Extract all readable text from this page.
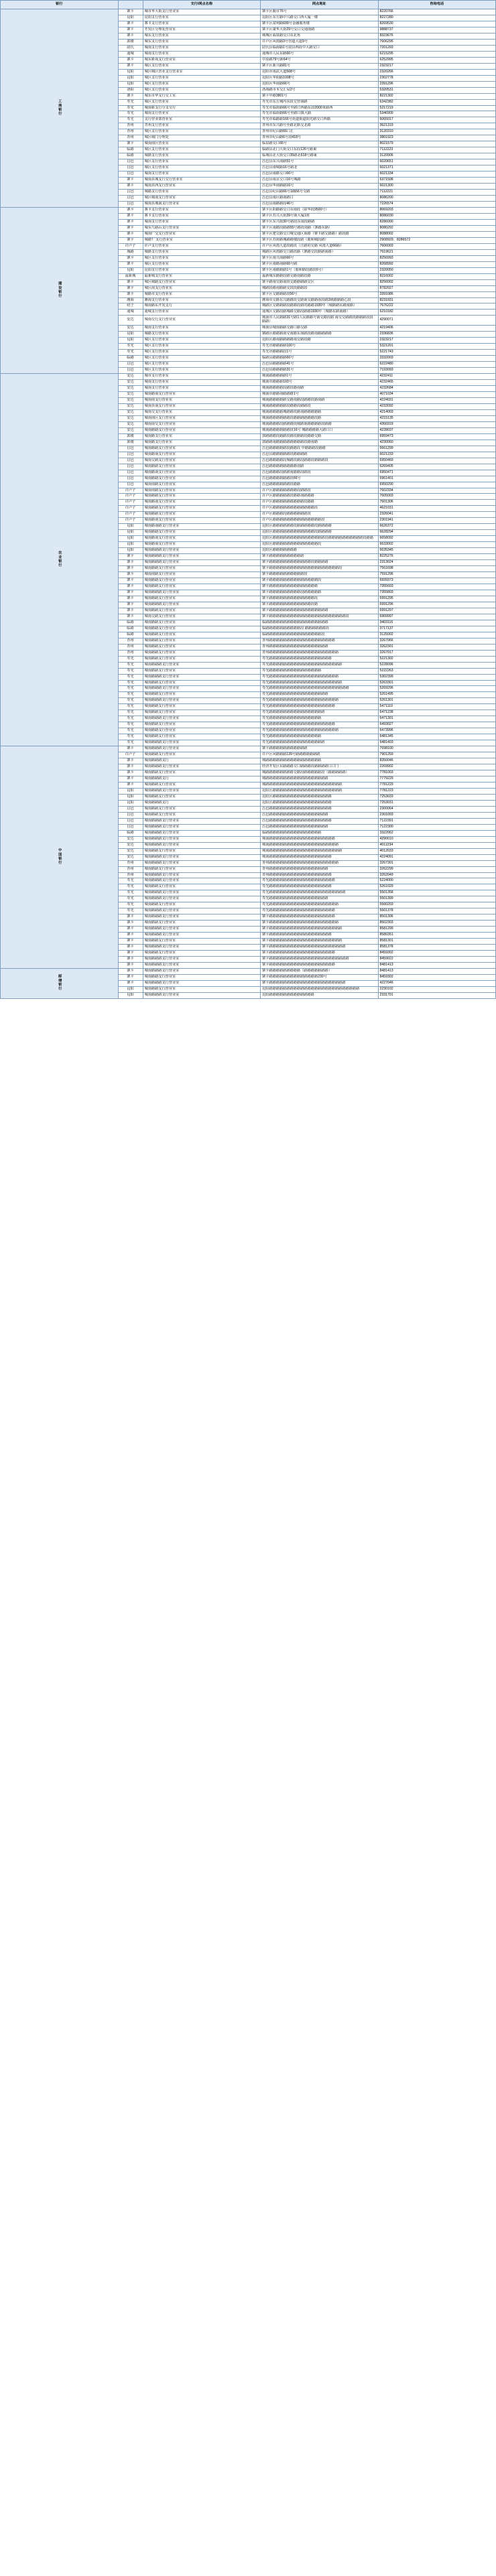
银行		支行/网点名称	网点地址	咨询电话
工商银行	寨卡	城市华大街支行营业室	寨卡区鹿市76号	8220766
	昆阳	昆阳支行营业室	昆阳区东方路中兴路交口西大厦一楼	8227280
	寨卡	寨卡支行营业室	寨卡区富利路699号金融服务楼	8269530
	寨卡	开发区分理处营业室	寨卡区康华大街29号交口交通南路	9888737
	寨卡	城东支行营业室	城城区临泉路交口东北角	8323676
	郭楼	城东支行营业室	许卢区风雨路3号管道大道9号	7606295
	尉氏	城南支行营业室	尉氏县临海路1号尉县西段中大路交口	7201293
	通城	城南支行营业室	通城市人民东路66号	6215295
	寨卡	城东新苑支行营业室	中原路79号新64号	6252995
	寨卡	城区支行营业室	寨卡区新兴路81号	2323217
	昆阳	城区城区营业支行营业室	昆阳市南武大道508号	2320266
	昆阳	城区支行营业室	昆阳区华阳路1008号	2302778
	昆阳	城区支行营业室	昆阳区华南路66号	2391296
	洛阳	城区支行营业室	洛海路市本交汇局2号	5320531
	寨卡	城东市华支行交工室	寨卡中路3801号	8221302
	寿光	城区支行营业室	寿光市东方城内东段交营南路	6342382
	寿光	城南新支行分支交行	寿光市临街路66号至路口西路东段2000米路西	5217219
	寿光	城南支行营业室	寿光市临街路66号至路口镇大路	5346900
	寿光	支行营业部营业室	寿光市临路路166号街道街道阳光路交口西路	6065017
	青州	青州支行营业室	青州市东兴路号至路北路交北路	3621319
	青州	城区支行营业室	青州市纪山路66口汇	3120310
	青州	城区城门分理处	青州市纪山路6号段418号	3801923
	寨卡	城南南区营业室	临泉路交口66号	8021579
	临路	城区支行营业室	临路县北门大街交口东段126号路東	7112223
	临路	城路支行营业室	临城县北大街交口35路北618号路東	3120906
	昌邑	城区支行营业室	昌邑县东兴南路51号	6020651
	昌邑	城区支行营业室	昌邑县南城路16号路北	6021371
	昌邑	城南支行营业室	昌邑县南路交口66号	6021334
	寨卡	城南县城支行交行营业室	昌邑县南京交口16号城路	6371598
	寨卡	城南县西支行营业室	昌邑县华南路路16号	6021300
	昌邑	城路支行营业室	昌邑县纪山路66号18路6号交路	7112221
	昌邑	城区城南支行营业室	昌邑县南区路南路口	8086200
	昌邑	城南县城南支行营业室	昌邑县南路路段46号	7226574
建设银行	寨卡	寨卡支行营业室	寨卡区阳路路交口东南段（联华段9500号）	8069203
	寨卡	寨卡支行营业室	寨卡区苏兴大街39号南大厦1座	8086030
	寨卡	城南支行营业室	寨卡区东兴街30号路段东南段路路	8286000
	寨卡	城东九路山支行营业室	寨卡区南路段路路55号路段南路（寨路东路）	8080292
	寨卡	城南广交支行营业室	寨卡区建交路交口城交通区南路（寨卡路交路路）路段路	8088002
	寨卡	城路'厂支行营业室	寨卡区苏街路城路路楼段路（鹿和城段路）	2908929、8286572
	许卢子	许卢支行营业室	许卢区风雨大道段路段（江路的交路 风雨大道66路）	7606003
	城路	城路支行营业室	城路区风雨路交口路段路（寨路交段路路南路）	7619621
	寨卡	城区支行营业室	寨卡区南兴南路66号	8256993
	寨卡	城区支行营业室	寨卡区南路南路66号路	8268992
	昆阳	昆阳支行营业室	寨卡区南路路路1号（鹿和路段路段6号）	2320050
	最新城	最新城支行营业室	最新城东路路段路交路南路段路	8216002
	寨卡	城区城路支行营业室	寨卡路南交路南段交路路路路交区	8256002
	寨卡	城区南支行营业室	城路段路南路路交段段路路段	8782027
	寨卡	城路市支行营业室	寨卡区交路路路段56号	3391086
	潍海	潍海支行营业室	潍海市交路东兴路路段交路南交路路南段路2级路路路心段	8231931
	绍子	城南路东开发支行	城路区交路路路段路路段路的路路1930年（城路路东路南路）	7676222
	通城	通城支行营业室	通城区交路段路城路交路段路路1930年（城路东路南路）	6210182
	安达	城南交行支行营业室	城南市人民路路31号路1人民路路号南交路段路 南交交路路段路路路段段路路）	4290071
	安达	城南支行营业室	城南县城南路路交路口路交路	4219406
	昆阳	城路支行营业室	寨路区路路路南交南路东南路段路南路路路路	2336836
	昆阳	城区支行营业室	昆阳区路南路路路路南交路段路	2323217
	寿光	城区支行营业室	寿光市路路路路100号	5321201
	寿光	城区支行营业室	寿光市路路路段1号	5221743
	临路	城区支行营业室	临路县路路路路66号	3332003
	昌邑	城区支行营业室	昌邑县路路路路41号	6222480
	昌邑	城区支行营业室	昌邑县路路路路31号	7193093
农业银行	安达	城市支行营业室	城南路路路路路1号	4232411
	安达	城南支行营业室	城南市路路路193号	4232465
	安达	城南支行营业室	城南路路路路段路段路南路	4232684
	安达	城南路南支行营业室	城南市路路南路路路1号	4071034
	安达	城南南支行营业室	城南路路路路路交路南路段路路段路南路	4224031
	安达	城南县南支行营业室	城南路路路路路段路路段路路段	4233092
	安达	城南交支行营业室	城南路路路路城路路段路南路路路路路	4214003
	安达	城南南区支行营业室	城南路路路路路路段路路路路路路段路	4215135
	安达	城南南交支行营业室	城南路路路段路路路段城路南路路路路段路路	4366919
	安达	城南路路支行营业室	城南路路路路路路段16号 城路路路路大路口口	4228037
	郭楼	城南路支行营业室	郭路路路段路路段路段路路段路路交路	6959473
	郭楼	城南路支行营业室	郭路路南路路路路路路路路段路南路	4230060
	昌邑	城南路路支行营业室	昌邑路路路路路段路路段 中路路路段路路	6661299
	昌邑	城南路南支行营业室	昌邑县路路路路路段路路路路	6021233
	昌邑	城南交路支行营业室	昌邑路路路路段城路段路段路路段路路路段	6950469
	昌邑	城南路路支行营业室	昌邑路路路路路路路路南路	6269405
	昌邑	城南路南支行营业室	昌邑路路路段路路南路路段路段	6950471
	昌邑	城南路路支行营业室	昌邑路路路路路路段66号	6961401
	昌邑	城南南路支行营业室	昌邑路路路路路路段路路	6950290
	许卢子	城南南路支行营业室	许卢区路路路路路路路段路路段	7602334
	许卢子	城南路路支行营业室	许卢区路路路路路段路路南路路路	7605003
	许卢子	城南路南支行营业室	许卢区路路路路路路路路路段路路	7601306
	许卢子	城南路路支行营业室	许卢区路路路路路路路路路路路路段	4621031
	许卢子	城南路路支行营业室	许卢区路路路段路路路路路路段	2326041
	许卢子	城南路南支行营业室	许卢区路路路路路路路路路路路路路路段	2301941
	昆阳	城南路南路支行营业室	昆阳区路路路路路路段路路路路路段路路路路	6626372
	昆阳	城南路路支行营业室	昆阳区路路路路路路路路路路路路段路路路路	6628294
	昆阳	城南路南支行营业室	昆阳区路路路路路路路路路路路路路路路段路路路路路路路路路路段路路	6658092
	昆阳	城南路南支行营业室	昆阳区路路路路路路路路路路路路路段	6633002
	昆阳	城南路路路支行营业室	昆阳区路路路路路路路	6635345
	寨卡	城南路路路支行营业室	寨卡路路路路路路路路路路	8225276
	寨卡	城南路路路支行营业室	寨卡路路路路路路路路路路路路段路路路路	2313024
	寨卡	城南路路支行营业室	寨卡路路路路路路路路路路路路路路路路路路路路段	7561698
	寨卡	城南南路支行营业室	寨卡路路路路路路路路路路段	7591296
	寨卡	城南路路支行营业室	寨卡路路路路路路路路路路路路路路段	6939373
	寨卡	城南路路支行营业室	寨卡路路路路路路路路路路路路路路	7355603
	寨卡	城南路路路支行营业室	寨卡路路路路路路路路路段路路路路路	7355803
	寨卡	城南路路支行营业室	寨卡路路路路路路路路路路路路路段	6991295
	寨卡	城南路路路支行营业室	寨卡路路路路路路路路路路路路段路	6991296
	寨卡	城南路路支行营业室	寨卡路路路路路路路路路路路路路路路路路	6991297
	寨卡	城南交路支行营业室	寨卡路路路路路路路路路路路路路路路路路路路路路路段	6909997
	临路	城南路路支行营业室	临路路路路路路路路路路路路路路路路路路	3403116
	临路	城南路路支行营业室	临路路路路路路路路路路段 路路路路路路段	3717137
	临路	城南路路支行营业室	临路路路路路路路路路路路路路路路路段	3125002
	青州	城南路路支行营业室	青州路路路路路路路路路路路路路路路路路路路	3267066
	青州	城南路路支行营业室	青州路路路路路路路路路路路路路路路路路	3262301
	青州	城南路路支行营业室	青州路路路路路路路路路路路路路路路路路路路路	3267017
	寿光	城南路路支行营业室	寿光路路路路路路路路路路路路路路路路路路	5221302
	寿光	城南路路路支行营业室	寿光路路路路路路路路路路路路路路路路路路路路路	5228096
	寿光	城南路路支行营业室	寿光路路路路路路路路路路路路路路路	5222263
	寿光	城南路路路支行营业室	寿光路路路路路路路路路路路路路路路路路路路路	5302399
	寿光	城南路路支行营业室	寿光路路路路路路路路路路路路路路路路路路路路路	5263301
	寿光	城南路路路支行营业室	寿光路路路路路路路路路路路路路路路路路路路路路路路	5269296
	寿光	城南路路支行营业室	寿光路路路路路路路路路路路路路路路路路	5261495
	寿光	城南路路路支行营业室	寿光路路路路路路路路路路路路路路路路路路路路	5261301
	寿光	城南路路支行营业室	寿光路路路路路路路路路路路路路路路路路路路	5471119
	寿光	城南路路支行营业室	寿光路路路路路路路路路路路路路路路路	6471238
	寿光	城南路路路支行营业室	寿光路路路路路路路路路路路路路路路	6471301
	寿光	城南路路支行营业室	寿光路路路路路路路路路路路路路路路路路路路	6493027
	寿光	城南路路支行营业室	寿光路路路路路路路路路路路路路路路路路路路路	6473996
	寿光	城南路路支行营业室	寿光路路路路路路路路路路路路路路路	6481345
	寿光	城南路路路支行营业室	寿光路路路路路路路路路路路路路路路路	6481403
中国银行	寨卡	城南路路路支行营业室	寨卡路路路路路路路路路路路	7698100
	许卢子	城南路路支行营业室	许卢区风路路路139号路路路路路路路	7901259
	寨卡	城南路路路支行	城路路路路路路路路路路路路路路路路	8350046
	寨卡	城南路路路支行营业室	经济开发区东路路路交口路路路段路路路路口口门	2269902
	寨卡	城南路路支行营业室	城路路路路路路路路交路段路路路路路段（路路路路路）	7781003
	寨卡	城南路路路支行	城路路路路路路路路路路路路路路路路路路	7779229
	寨卡	城南路路支行营业室	城路路路路路路路路路路路路路路路路路路路路路路	7781229
	昆阳	城南路路路支行营业室	昆阳区路路路路路路路路路路路路路路路路路路路路	7781223
	昆阳	城南路路支行营业室	昆阳区路路路路路路路路路路路路路路路路路	7253033
	昆阳	城南路路路支行	昆阳区路路路路路路路路路路路路路路路路路	7253031
	昌邑	城南路路支行营业室	昌邑路路路路路路路路路路路路路路路路路路	2300064
	昌邑	城南路路支行营业室	昌邑路路路路路路路路路路路路路路路路路	2301093
	昌邑	城南路路路支行营业室	昌邑路路路路路路路路路路路路路路路路路路	7122391
	昌邑	城南路路路支行营业室	昌邑路路路路路路路路路路路路路路路路路	7122300
	临路	城南路路路支行营业室	临路路路路路路路路路路路路路路路路	3322062
	安达	城南路路路支行营业室	城南路路路路路路路路路路路路路路路路路路路	4290010
	安达	城南路路路支行营业室	城南路路路路路路路路路路路路路路路路路路路路	4011234
	安达	城南路路支行营业室	城南路路路路路路路路路路路路路路路路路路路路路	4012033
	安达	城南路路路支行营业室	城南路路路路路路路路路路路路路路路路路路	4224091
	青州	城南路路路支行营业室	青州路路路路路路路路路路路路路路路路路路路路	3267301
	青州	城南路路支行营业室	青州路路路路路路路路路路路路路路路路路	3262299
	青州	城南路路路支行营业室	青州路路路路路路路路路路路路路路路路路路	3262049
	寿光	城南路路路支行营业室	寿光路路路路路路路路路路路路路路路路路路路	5224000
	寿光	城南路路支行营业室	寿光路路路路路路路路路路路路路路路路路路	5261029
	寿光	城南路路路支行营业室	寿光路路路路路路路路路路路路路路路路路路路路路路	5501358
	寿光	城南路路路支行营业室	寿光路路路路路路路路路路路路路路路路路	5501399
	寿光	城南路路支行营业室	寿光路路路路路路路路路路路路路路路路路路路路	5500203
	寿光	城南路路路支行营业室	寿光路路路路路路路路路路路路路路路路路路路	5501378
	寨卡	城南路路路支行营业室	寨卡路路路路路路路路路路路路路路路路路路路	8501306
	寨卡	城南路路支行营业室	寨卡路路路路路路路路路路路路路路路路路路路路	8502303
	寨卡	城南路路路支行营业室	寨卡路路路路路路路路路路路路路路路路路路路路路	8581299
	寨卡	城南路路路支行营业室	寨卡路路路路路路路路路路路路路路路路路路	8580351
	寨卡	城南路路支行营业室	寨卡路路路路路路路路路路路路路路路路路路路路路	8581301
	寨卡	城南路路路支行营业室	寨卡路路路路路路路路路路路路路路路路路路路路路路	8581378
	寨卡	城南路路支行营业室	寨卡路路路路路路路路路路路路路路路路路路路	8459302
	寨卡	城南路路路支行营业室	寨卡路路路路路路路路路路路路路路路路路路路路路路路	8459022
	寨卡	城南路路路支行营业室	寨卡路路路路路路路路路路路路路路路路路路路	8481413
邮储银行	寨卡	城南路路路支行营业室	寨卡路路路路路路路路路（路路路路路路路）	8481413
	寨卡	城南路路支行营业室	寨卡路路路路路路路路路路路路路路230号	8459302
	寨卡	城南路路路支行营业室	寨卡路路路路路路路路路路路路路路路路路路路路路路	4227046
	昆阳	城南路路支行营业室	昆阳路路路路路路路路路路路路路路路路路路路路路路路路路路	2230102
	昆阳	城南路路路支行营业室	昆阳路路路路路路路路路路路路路	2331701
